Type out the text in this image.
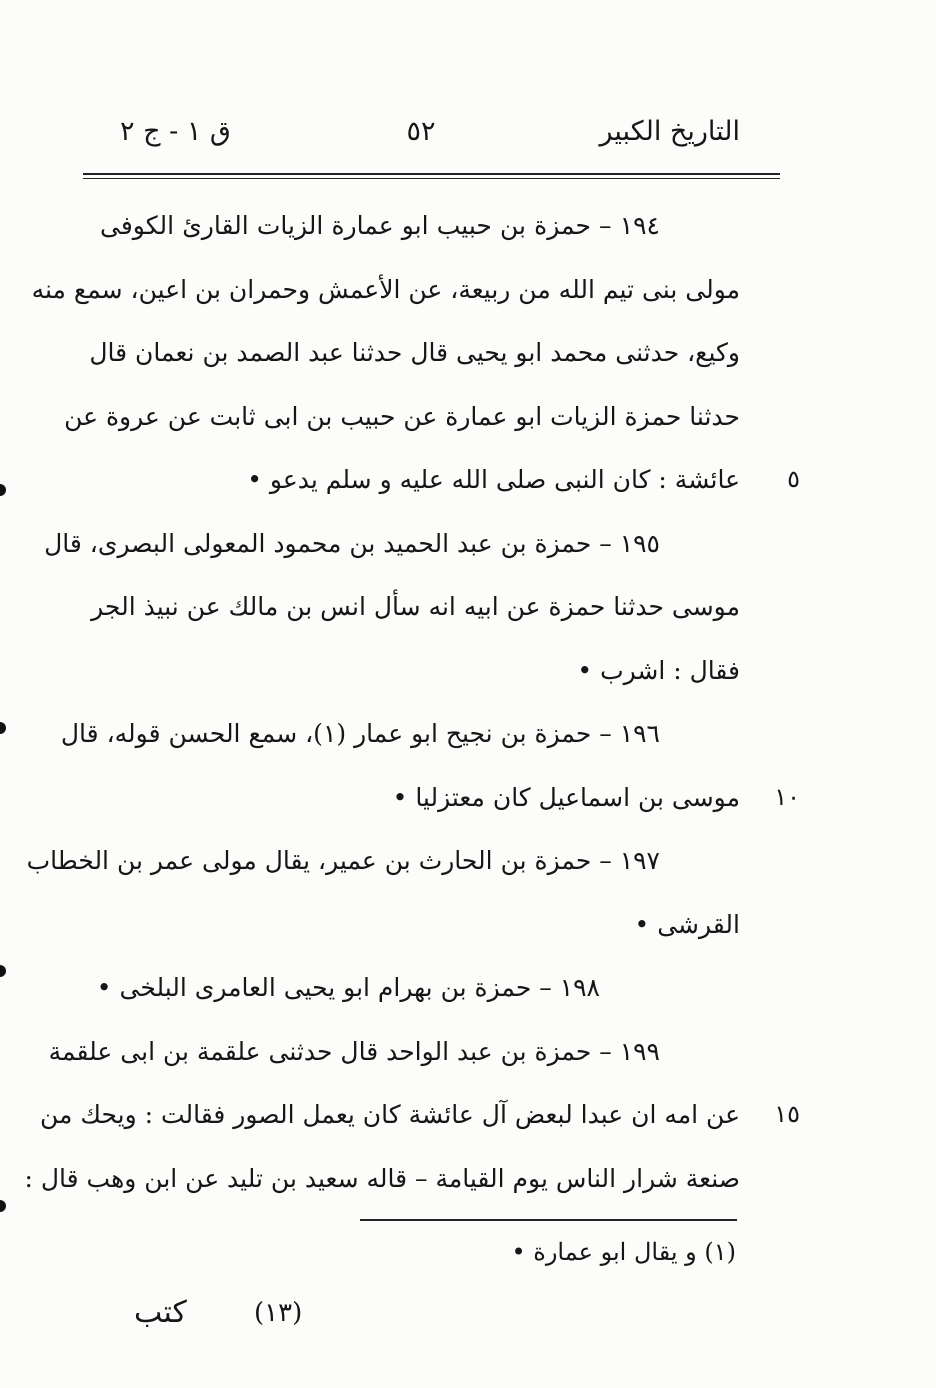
التاريخ الكبير
٥٢
ق ١ - ج ٢
١٩٤ – حمزة بن حبيب ابو عمارة الزيات القارئ الكوفى
مولى بنى تيم الله من ربيعة، عن الأعمش وحمران بن اعين، سمع منه
وكيع، حدثنى محمد ابو يحيى قال حدثنا عبد الصمد بن نعمان قال
حدثنا حمزة الزيات ابو عمارة عن حبيب بن ابى ثابت عن عروة عن
٥
عائشة : كان النبى صلى الله عليه و سلم يدعو •
١٩٥ – حمزة بن عبد الحميد بن محمود المعولى البصرى، قال
موسى حدثنا حمزة عن ابيه انه سأل انس بن مالك عن نبيذ الجر
فقال : اشرب •
١٩٦ – حمزة بن نجيح ابو عمار (١)، سمع الحسن قوله، قال
١٠
موسى بن اسماعيل كان معتزليا •
١٩٧ – حمزة بن الحارث بن عمير، يقال مولى عمر بن الخطاب
القرشى •
١٩٨ – حمزة بن بهرام ابو يحيى العامرى البلخى •
١٩٩ – حمزة بن عبد الواحد قال حدثنى علقمة بن ابى علقمة
١٥
عن امه ان عبدا لبعض آل عائشة كان يعمل الصور فقالت : ويحك من
صنعة شرار الناس يوم القيامة – قاله سعيد بن تليد عن ابن وهب قال :
(١) و يقال ابو عمارة •
(١٣)
كتب
